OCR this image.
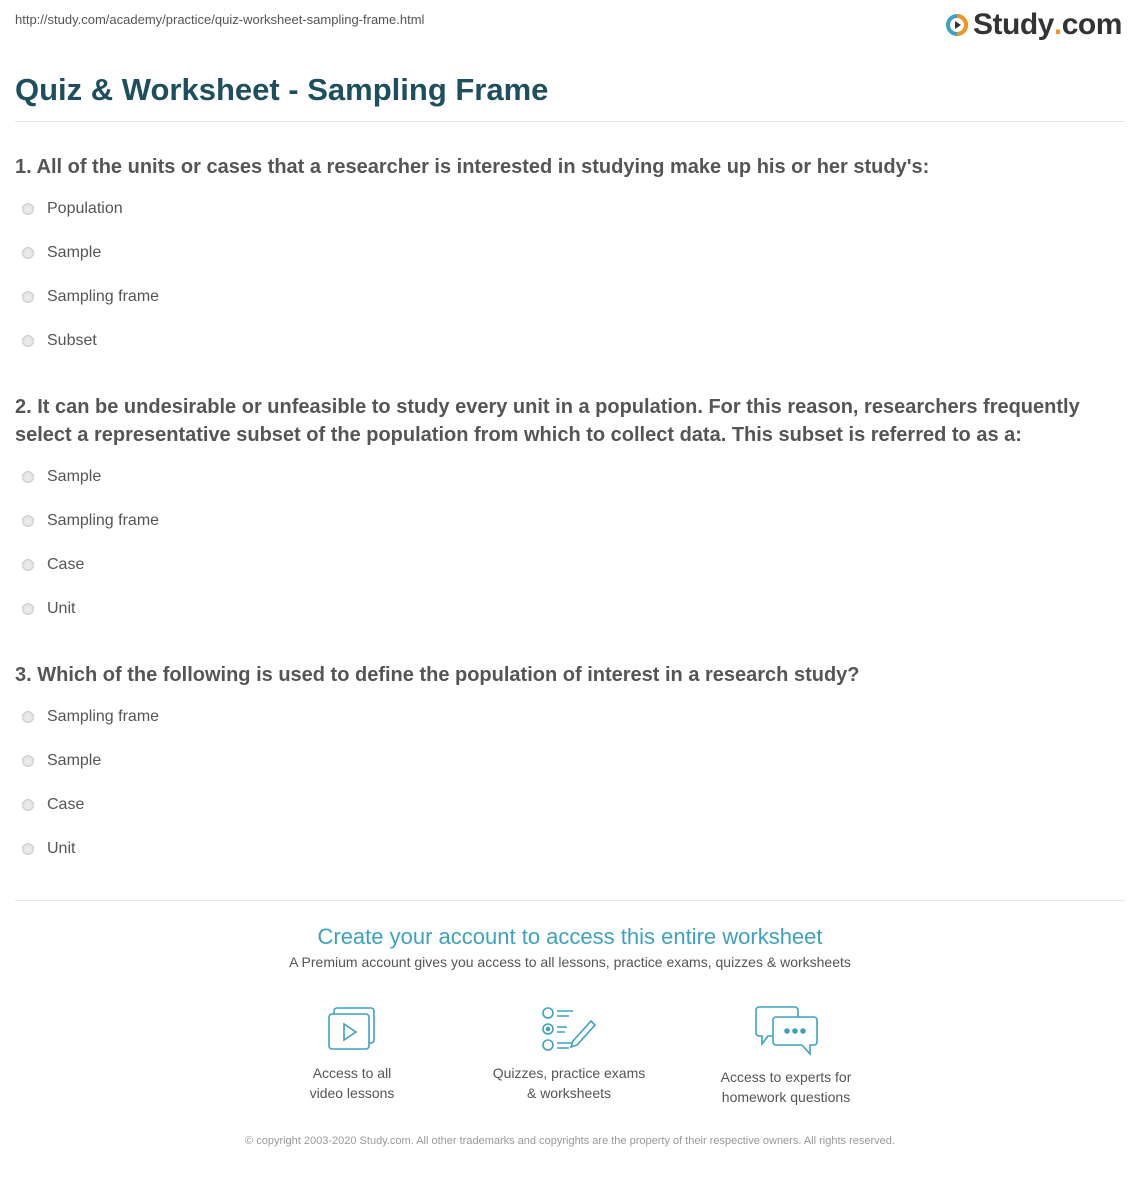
http://study.com/academy/practice/quiz-worksheet-sampling-frame.html	Study . com
Quiz & Worksheet - Sampling Frame
1. All of the units or cases that a researcher is interested in studying make up his or her study's:
Population
Sample
Sampling frame
Subset
2. It can be undesirable or unfeasible to study every unit in a population. For this reason, researchers frequently select a representative subset of the population from which to collect data. This subset is referred to as a:
Sample
Sampling frame
Case
Unit
3. Which of the following is used to define the population of interest in a research study?
Sampling frame
Sample
Case
Unit
Create your account to access this entire worksheet
A Premium account gives you access to all lessons, practice exams, quizzes & worksheets
Access to all
video lessons
Quizzes, practice exams
& worksheets
Access to experts for
homework questions
© copyright 2003-2020 Study.com. All other trademarks and copyrights are the property of their respective owners. All rights reserved.
